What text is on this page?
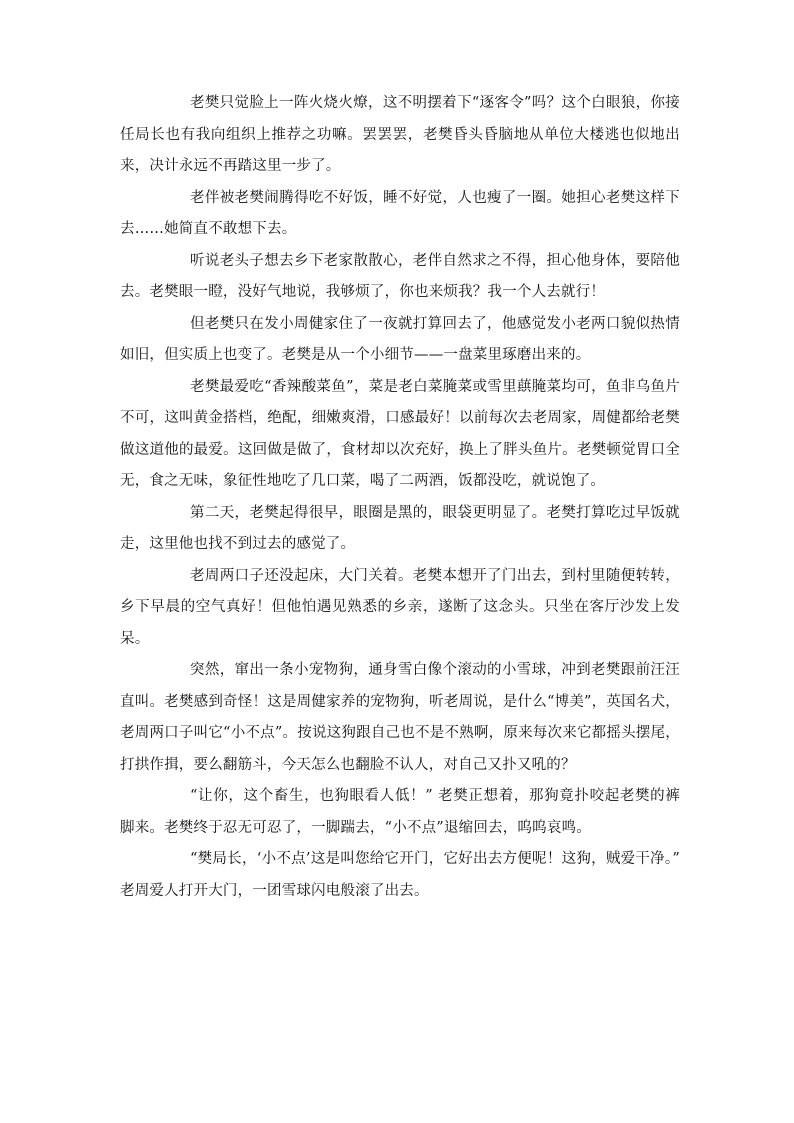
老樊只觉脸上一阵火烧火燎，这不明摆着下“逐客令”吗？这个白眼狼，你接任局长也有我向组织上推荐之功嘛。罢罢罢，老樊昏头昏脑地从单位大楼逃也似地出来，决计永远不再踏这里一步了。

老伴被老樊闹腾得吃不好饭，睡不好觉，人也瘦了一圈。她担心老樊这样下去……她简直不敢想下去。

听说老头子想去乡下老家散散心，老伴自然求之不得，担心他身体，要陪他去。老樊眼一瞪，没好气地说，我够烦了，你也来烦我？我一个人去就行！

但老樊只在发小周健家住了一夜就打算回去了，他感觉发小老两口貌似热情如旧，但实质上也变了。老樊是从一个小细节——一盘菜里琢磨出来的。

老樊最爱吃“香辣酸菜鱼”，菜是老白菜腌菜或雪里蕻腌菜均可，鱼非乌鱼片不可，这叫黄金搭档，绝配，细嫩爽滑，口感最好！以前每次去老周家，周健都给老樊做这道他的最爱。这回做是做了，食材却以次充好，换上了胖头鱼片。老樊顿觉胃口全无，食之无味，象征性地吃了几口菜，喝了二两酒，饭都没吃，就说饱了。

第二天，老樊起得很早，眼圈是黑的，眼袋更明显了。老樊打算吃过早饭就走，这里他也找不到过去的感觉了。

老周两口子还没起床，大门关着。老樊本想开了门出去，到村里随便转转，乡下早晨的空气真好！但他怕遇见熟悉的乡亲，遂断了这念头。只坐在客厅沙发上发呆。

突然，窜出一条小宠物狗，通身雪白像个滚动的小雪球，冲到老樊跟前汪汪直叫。老樊感到奇怪！这是周健家养的宠物狗，听老周说，是什么“博美”，英国名犬，老周两口子叫它“小不点”。按说这狗跟自己也不是不熟啊，原来每次来它都摇头摆尾，打拱作揖，要么翻筋斗，今天怎么也翻脸不认人，对自己又扑又吼的？

“让你，这个畜生，也狗眼看人低！” 老樊正想着，那狗竟扑咬起老樊的裤脚来。老樊终于忍无可忍了，一脚踹去，“小不点”退缩回去，呜呜哀鸣。

“樊局长，‘小不点’这是叫您给它开门，它好出去方便呢！这狗，贼爱干净。” 老周爱人打开大门，一团雪球闪电般滚了出去。
